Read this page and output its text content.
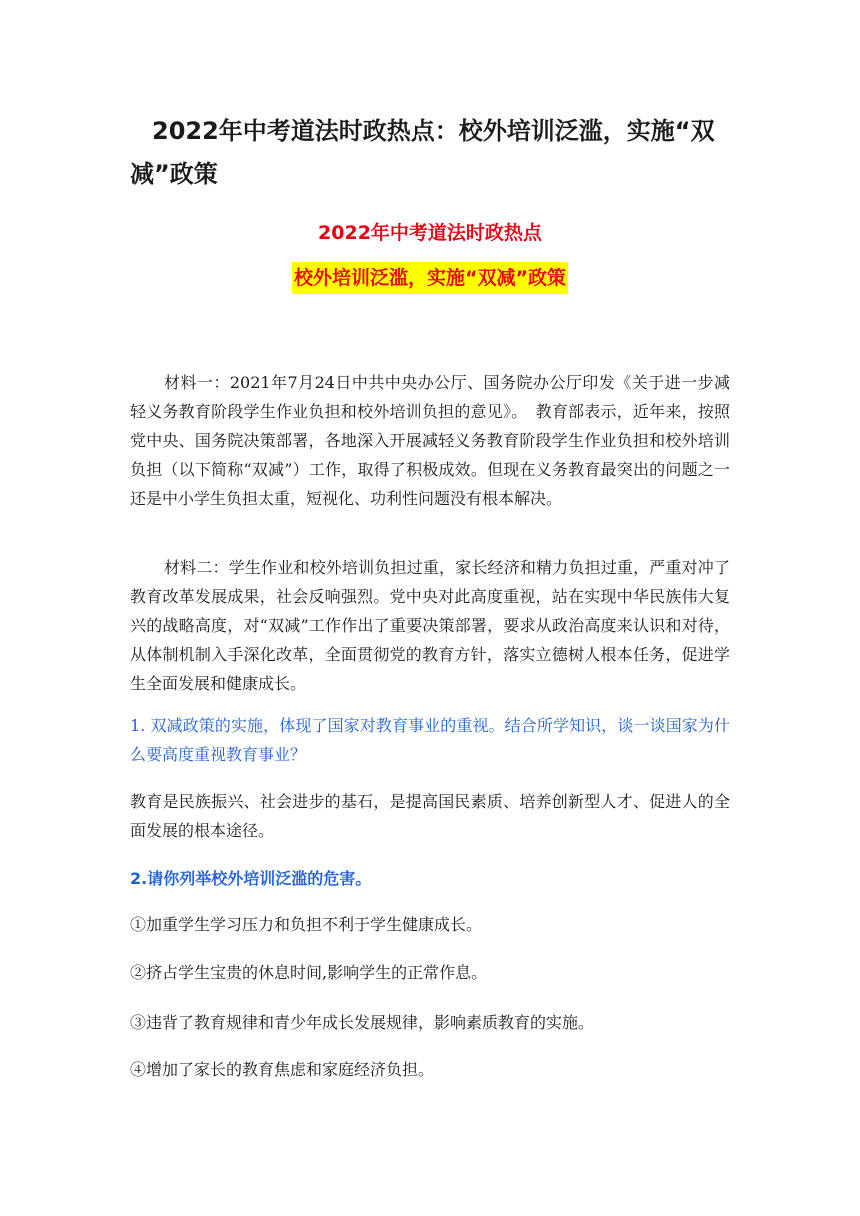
2022年中考道法时政热点：校外培训泛滥，实施“双减”政策
2022年中考道法时政热点
校外培训泛滥，实施“双减”政策

材料一：2021年7月24日中共中央办公厅、国务院办公厅印发《关于进一步减轻义务教育阶段学生作业负担和校外培训负担的意见》。　教育部表示，近年来，按照党中央、国务院决策部署，各地深入开展减轻义务教育阶段学生作业负担和校外培训负担（以下简称“双减”）工作，取得了积极成效。但现在义务教育最突出的问题之一还是中小学生负担太重，短视化、功利性问题没有根本解决。

材料二：学生作业和校外培训负担过重，家长经济和精力负担过重，严重对冲了教育改革发展成果，社会反响强烈。党中央对此高度重视，站在实现中华民族伟大复兴的战略高度，对“双减”工作作出了重要决策部署，要求从政治高度来认识和对待，从体制机制入手深化改革，全面贯彻党的教育方针，落实立德树人根本任务，促进学生全面发展和健康成长。

1. 双减政策的实施，体现了国家对教育事业的重视。结合所学知识，谈一谈国家为什么要高度重视教育事业？

教育是民族振兴、社会进步的基石，是提高国民素质、培养创新型人才、促进人的全面发展的根本途径。

2.请你列举校外培训泛滥的危害。

①加重学生学习压力和负担不利于学生健康成长。

②挤占学生宝贵的休息时间,影响学生的正常作息。

③违背了教育规律和青少年成长发展规律，影响素质教育的实施。

④增加了家长的教育焦虑和家庭经济负担。
